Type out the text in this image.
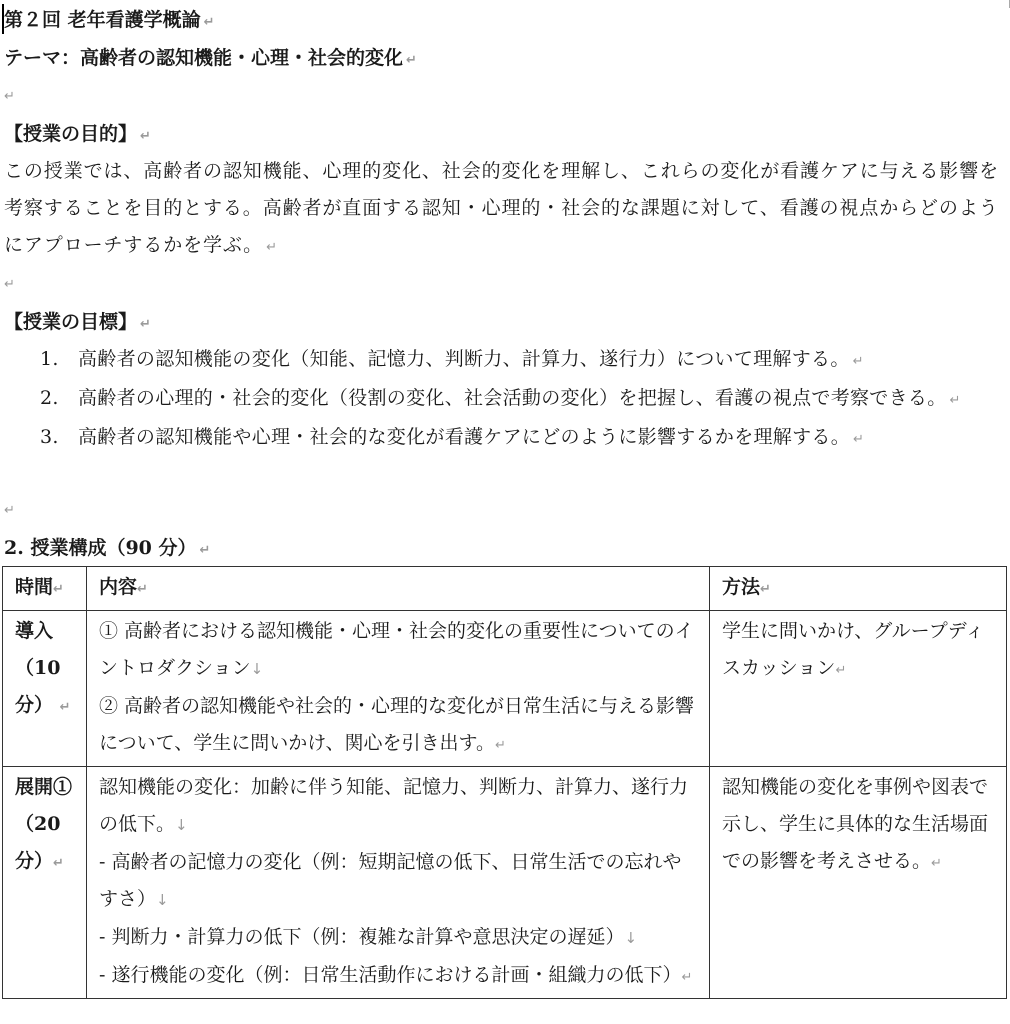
第２回 老年看護学概論 ↵
テーマ：高齢者の認知機能・心理・社会的変化 ↵
↵
【授業の目的】 ↵
この授業では、高齢者の認知機能、心理的変化、社会的変化を理解し、これらの変化が看護ケアに与える影響を考察することを目的とする。高齢者が直面する認知・心理的・社会的な課題に対して、看護の視点からどのようにアプローチするかを学ぶ。 ↵
↵
【授業の目標】 ↵
1. 高齢者の認知機能の変化（知能、記憶力、判断力、計算力、遂行力）について理解する。 ↵
2. 高齢者の心理的・社会的変化（役割の変化、社会活動の変化）を把握し、看護の視点で考察できる。 ↵
3. 高齢者の認知機能や心理・社会的な変化が看護ケアにどのように影響するかを理解する。 ↵
↵
2. 授業構成（90 分） ↵
時間↵	内容↵	方法↵
導入（10分） ↵	① 高齢者における認知機能・心理・社会的変化の重要性についてのイントロダクション↓
② 高齢者の認知機能や社会的・心理的な変化が日常生活に与える影響について、学生に問いかけ、関心を引き出す。↵	学生に問いかけ、グループディスカッション↵
展開①（20分）↵	認知機能の変化：加齢に伴う知能、記憶力、判断力、計算力、遂行力の低下。↓
- 高齢者の記憶力の変化（例：短期記憶の低下、日常生活での忘れやすさ）↓
- 判断力・計算力の低下（例：複雑な計算や意思決定の遅延）↓
- 遂行機能の変化（例：日常生活動作における計画・組織力の低下）↵	認知機能の変化を事例や図表で示し、学生に具体的な生活場面での影響を考えさせる。↵
